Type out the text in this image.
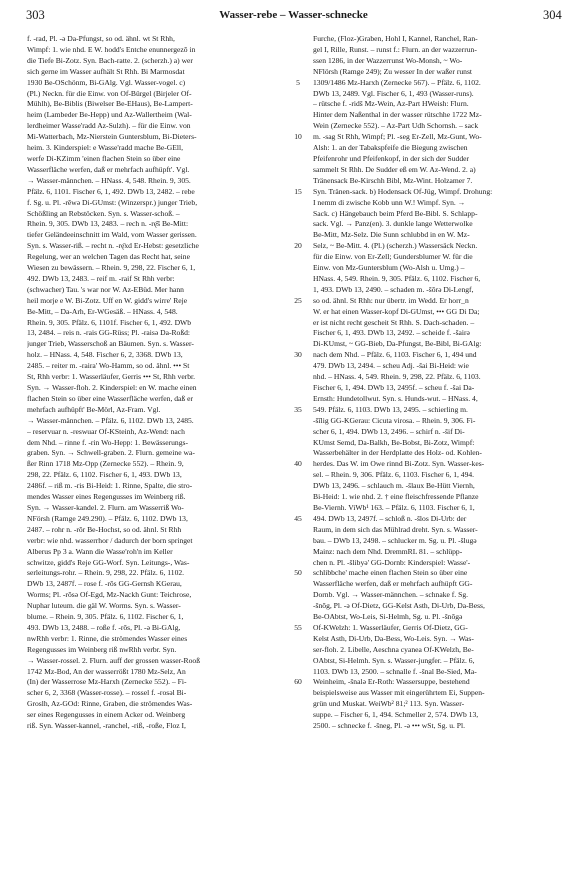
303	Wasser-rebe – Wasser-schnecke	304

f. -rad, Pl. -ə Da-Pfungst, so od. ähnl. wt St Rhh,

Wimpf: 1. wie nhd. E W. hodd's Entche enunnergezō in

die Tiefe Bi-Zotz. Syn. Bach-ratte. 2. (scherzh.) a) wer

sich gerne im Wasser aufhält St Rhh. Bi Marmosdat

1930 Be-OSchönm, Bi-GAlg. Vgl. Wasser-vogel. c)

(Pl.) Neckn. für die Einw. von Of-Bürgel (Birjeler Of-

Mühlh), Be-Biblis (Biwelser Be-EHaus), Be-Lampert-

heim (Lambeder Be-Hepp) und Az-Wallertheim (Wal-

lerdheimer Wasse'radd Az-Sulzh). – für die Einw. von

Mi-Watterbach, Mz-Nierstein Guntersblum, Bi-Dieters-

heim. 3. Kinderspiel: e Wasse'radd mache Be-GEll,

werfe Di-KZimm 'einen flachen Stein so über eine

Wasserfläche werfen, daß er mehrfach aufhüpft'. Vgl.

→ Wasser-männchen. – HNass. 4, 548. Rhein. 9, 305.

Pfälz. 6, 1101. Fischer 6, 1, 492. DWb 13, 2482. – rebe

f. Sg. u. Pl. -rēwə Di-GUmst: (Winzerspr.) junger Trieb,

Schößling an Rebstöcken. Syn. s. Wasser-schoß. –

Rhein. 9, 305. DWb 13, 2483. – rech n. -rę̄š Be-Mitt:

tiefer Geländeeinschnitt im Wald, vom Wasser gerissen.

Syn. s. Wasser-riß. – recht n. -rę̄xd Er-Hebst: gesetzliche

Regelung, wer an welchen Tagen das Recht hat, seine

Wiesen zu bewässern. – Rhein. 9, 298, 22. Fischer 6, 1,

492. DWb 13, 2483. – reif m. -raif St Rhh verbr:

(schwacher) Tau. 's war nor W. Az-EBüd. Mer hann

heil morje e W. Bi-Zotz. Uff en W. gidd's wirre' Reje

Be-Mitt, – Da-Arh, Er-WGesäß. – HNass. 4, 548.

Rhein. 9, 305. Pfälz. 6, 1101f. Fischer 6, 1, 492. DWb

13, 2484. – reis n. -rais GG-Rüss; Pl. -raisə Da-Roßd:

junger Trieb, Wasserschoß an Bäumen. Syn. s. Wasser-

holz. – HNass. 4, 548. Fischer 6, 2, 3368. DWb 13,

2485. – reiter m. -raira' Wo-Hamm, so od. ähnl. ••• St

St, Rhh verbr: 1. Wasserläufer, Gerris ••• St, Rhh verbr.

Syn. → Wasser-floh. 2. Kinderspiel: en W. mache einen

flachen Stein so über eine Wasserfläche werfen, daß er

mehrfach aufhüpft' Be-Mörl, Az-Fram. Vgl.

→ Wasser-männchen. – Pfälz. 6, 1102. DWb 13, 2485.

– reservuar n. -reswuar Of-KSteinh, Az-Wend: nach

dem Nhd. – rinne f. -rin Wo-Hepp: 1. Bewässerungs-

graben. Syn. → Schwell-graben. 2. Flurn. gemeine wa-

ßer Rinn 1718 Mz-Opp (Zernecke 552). – Rhein. 9,

298, 22. Pfälz. 6, 1102. Fischer 6, 1, 493. DWb 13,

2486f. – riß m. -ris Bi-Heid: 1. Rinne, Spalte, die stro-

mendes Wasser eines Regengusses im Weinberg riß.

Syn. → Wasser-kandel. 2. Flurn. am Wasserriß Wo-

NFörsh (Ramge 249.290). – Pfälz. 6, 1102. DWb 13,

2487. – rohr n. -rōr Be-Hochst, so od. ähnl. St Rhh

verbr: wie nhd. wasserrhor / dadurch der born springet

Alberus Pp 3 a. Wann die Wasse'roh'n im Keller

schwitze, gidd's Reje GG-Worf. Syn. Leitungs-, Was-

serleitungs-rohr. – Rhein. 9, 298, 22. Pfälz. 6, 1102.

DWb 13, 2487f. – rose f. -rōs GG-Gernsh KGerau,

Worms; Pl. -rōsə Of-Egd, Mz-Nackh Gunt: Teichrose,

Nuphar luteum. die gäl W. Worms. Syn. s. Wasser-

blume. – Rhein. 9, 305. Pfälz. 6, 1102. Fischer 6, 1,

493. DWb 13, 2488. – roße f. -rōs, Pl. -ə Bi-GAlg,

nwRhh verbr: 1. Rinne, die strömendes Wasser eines

Regengusses im Weinberg riß nwRhh verbr. Syn.

→ Wasser-rossel. 2. Flurn. auff der grossen wasser-Rooß

1742 Mz-Bod, An der wasserrößt 1780 Mz-Selz, An

(In) der Wasserrose Mz-Harxh (Zernecke 552). – Fi-

scher 6, 2, 3368 (Wasser-rosse). – rossel f. -rosəl Bi-

Groslh, Az-GOd: Rinne, Graben, die strömendes Was-

ser eines Regengusses in einem Acker od. Weinberg

riß. Syn. Wasser-kannel, -ranchel, -riß, -roße, Floz I,

5
10
15
20
25
30
35
40
45
50
55
60

Furche, (Floz-)Graben, Hohl I, Kannel, Ranchel, Ran-

gel I, Rille, Runst. – runst f.: Flurn. an der wazzerrun-

ssen 1286, in der Wazzerrunst Wo-Monsh, ~ Wo-

NFlörsh (Ramge 249); Zu wesser In der waßer runst

1309/1486 Mz-Harxh (Zernecke 567). – Pfälz. 6, 1102.

DWb 13, 2489. Vgl. Fischer 6, 1, 493 (Wasser-runs).

– rütsche f. -ridš Mz-Wein, Az-Part HWeish: Flurn.

Hinter dem Naßenthal in der wasser rütschhe 1722 Mz-

Wein (Zernecke 552). – Az-Part Udh Schornsh. – sack

m. -sag St Rhh, Wimpf; Pl. -seg Er-Zell, Mz-Gunt, Wo-

Alsh: 1. an der Tabakspfeife die Biegung zwischen

Pfeifenrohr und Pfeifenkopf, in der sich der Sudder

sammelt St Rhh. De Sudder eß em W. Az-Wend. 2. a)

Tränensack Be-Kirschh Bibl, Mz-Wint. Holzamer 7.

Syn. Tränen-sack. b) Hodensack Of-Jüg, Wimpf. Drohung:

I nemm di zwische Kobb unn W.! Wimpf. Syn. →

Sack. c) Hängebauch beim Pferd Be-Bibl. S. Schlapp-

sack. Vgl. → Panz(en). 3. dunkle lange Wetterwolke

Be-Mitt, Mz-Selz. Die Sunn schlubbd in en W. Mz-

Selz, ~ Be-Mitt. 4. (Pl.) (scherzh.) Wassersäck Neckn.

für die Einw. von Er-Zell; Gundersblumer W. für die

Einw. von Mz-Guntersblum (Wo-Alsh u. Umg.) –

HNass. 4, 549. Rhein. 9, 305. Pfälz. 6, 1102. Fischer 6,

1, 493. DWb 13, 2490. – schaden m. -šōrə Di-Lengf,

so od. ähnl. St Rhh: nur übertr. im Wedd. Er horr_n

W. er hat einen Wasser-kopf Di-GUmst, ••• GG Di Da;

er ist nicht recht gescheit St Rhh. S. Dach-schaden. –

Fischer 6, 1, 493. DWb 13, 2492. – scheide f. -šairə

Di-KUmst, ~ GG-Bieb, Da-Pfungst, Be-Bibl, Bi-GAlg:

nach dem Nhd. – Pfälz. 6, 1103. Fischer 6, 1, 494 und

479. DWb 13, 2494. – scheu Adj. -šai Bi-Heid: wie

nhd. – HNass. 4, 549. Rhein. 9, 298, 22. Pfälz. 6, 1103.

Fischer 6, 1, 494. DWb 13, 2495f. – scheu f. -šai Da-

Ernsth: Hundetollwut. Syn. s. Hunds-wut. – HNass. 4,

549. Pfälz. 6, 1103. DWb 13, 2495. – schierling m.

-šīlig GG-KGerau: Cicuta virosa. – Rhein. 9, 306. Fi-

scher 6, 1, 494. DWb 13, 2496. – schirf n. -šif Di-

KUmst Semd, Da-Balkh, Be-Bobst, Bi-Zotz, Wimpf:

Wasserbehälter in der Herdplatte des Holz- od. Kohlen-

herdes. Das W. im Owe rinnd Bi-Zotz. Syn. Wasser-kes-

sel. – Rhein. 9, 306. Pfälz. 6, 1103. Fischer 6, 1, 494.

DWb 13, 2496. – schlauch m. -šlaux Be-Hütt Viernh,

Bi-Heid: 1. wie nhd. 2. † eine fleischfressende Pflanze

Be-Viernh. ViWb¹ 163. – Pfälz. 6, 1103. Fischer 6, 1,

494. DWb 13, 2497f. – schloß n. -šlos Di-Urb: der

Raum, in dem sich das Mühlrad dreht. Syn. s. Wasser-

bau. – DWb 13, 2498. – schlucker m. Sg. u. Pl. -šlugə

Mainz: nach dem Nhd. DremmRL 81. – schlüpp-

chen n. Pl. -šlibyə' GG-Dornb: Kinderspiel: Wasse'-

schlibbche' mache einen flachen Stein so über eine

Wasserfläche werfen, daß er mehrfach aufhüpft GG-

Dornb. Vgl. → Wasser-männchen. – schnake f. Sg.

-šnōg, Pl. -ə Of-Dietz, GG-Kelst Asth, Di-Urb, Da-Bess,

Be-OAbtst, Wo-Leis, Si-Helmh, Sg. u. Pl. -šnōgə

Of-KWelzh: 1. Wasserläufer, Gerris Of-Dietz, GG-

Kelst Asth, Di-Urb, Da-Bess, Wo-Leis. Syn. → Was-

ser-floh. 2. Libelle, Aeschna cyanea Of-KWelzh, Be-

OAbtst, Si-Helmh. Syn. s. Wasser-jungfer. – Pfälz. 6,

1103. DWb 13, 2500. – schnalle f. -šnal Be-Sied, Ma-

Weinheim, -šnalə Er-Roth: Wassersuppe, bestehend

beispielsweise aus Wasser mit eingerührtem Ei, Suppen-

grün und Muskat. WeiWb² 81;² 113. Syn. Wasser-

suppe. – Fischer 6, 1, 494. Schmeller 2, 574. DWb 13,

2500. – schnecke f. -šneg, Pl. -ə ••• wSt, Sg. u. Pl.
